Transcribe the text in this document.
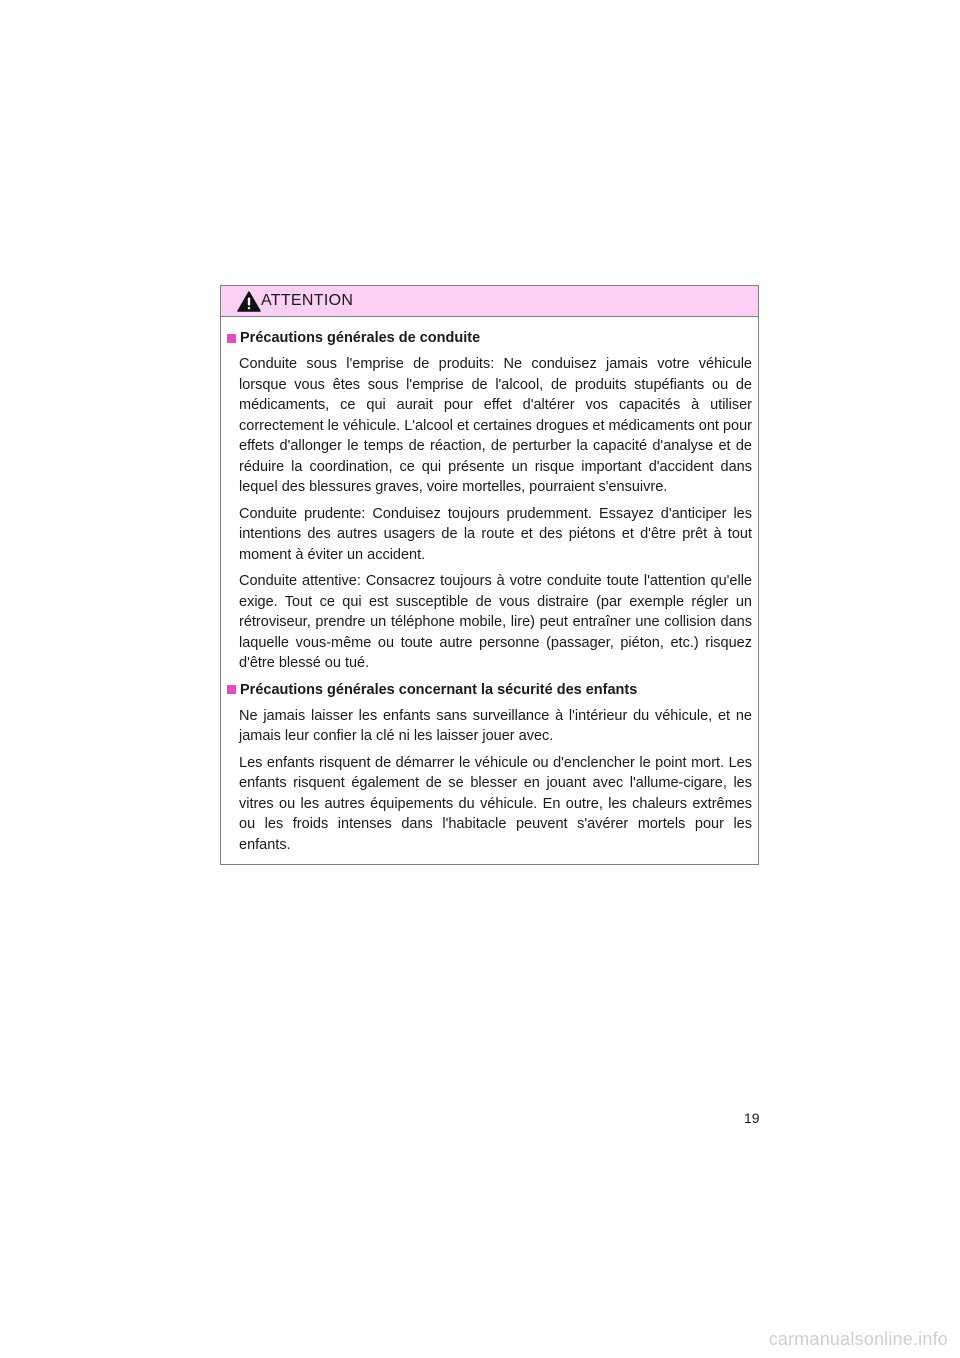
ATTENTION
Précautions générales de conduite

Conduite sous l'emprise de produits: Ne conduisez jamais votre véhicule lorsque vous êtes sous l'emprise de l'alcool, de produits stupéfiants ou de médicaments, ce qui aurait pour effet d'altérer vos capacités à utiliser correctement le véhicule. L'alcool et certaines drogues et médicaments ont pour effets d'allonger le temps de réaction, de perturber la capacité d'analyse et de réduire la coordination, ce qui présente un risque important d'accident dans lequel des blessures graves, voire mortelles, pourraient s'ensuivre.

Conduite prudente: Conduisez toujours prudemment. Essayez d'anticiper les intentions des autres usagers de la route et des piétons et d'être prêt à tout moment à éviter un accident.

Conduite attentive: Consacrez toujours à votre conduite toute l'attention qu'elle exige. Tout ce qui est susceptible de vous distraire (par exemple régler un rétroviseur, prendre un téléphone mobile, lire) peut entraîner une collision dans laquelle vous-même ou toute autre personne (passager, piéton, etc.) risquez d'être blessé ou tué.

Précautions générales concernant la sécurité des enfants

Ne jamais laisser les enfants sans surveillance à l'intérieur du véhicule, et ne jamais leur confier la clé ni les laisser jouer avec.

Les enfants risquent de démarrer le véhicule ou d'enclencher le point mort. Les enfants risquent également de se blesser en jouant avec l'allume-cigare, les vitres ou les autres équipements du véhicule. En outre, les chaleurs extrêmes ou les froids intenses dans l'habitacle peuvent s'avérer mortels pour les enfants.

19
carmanualsonline.info
